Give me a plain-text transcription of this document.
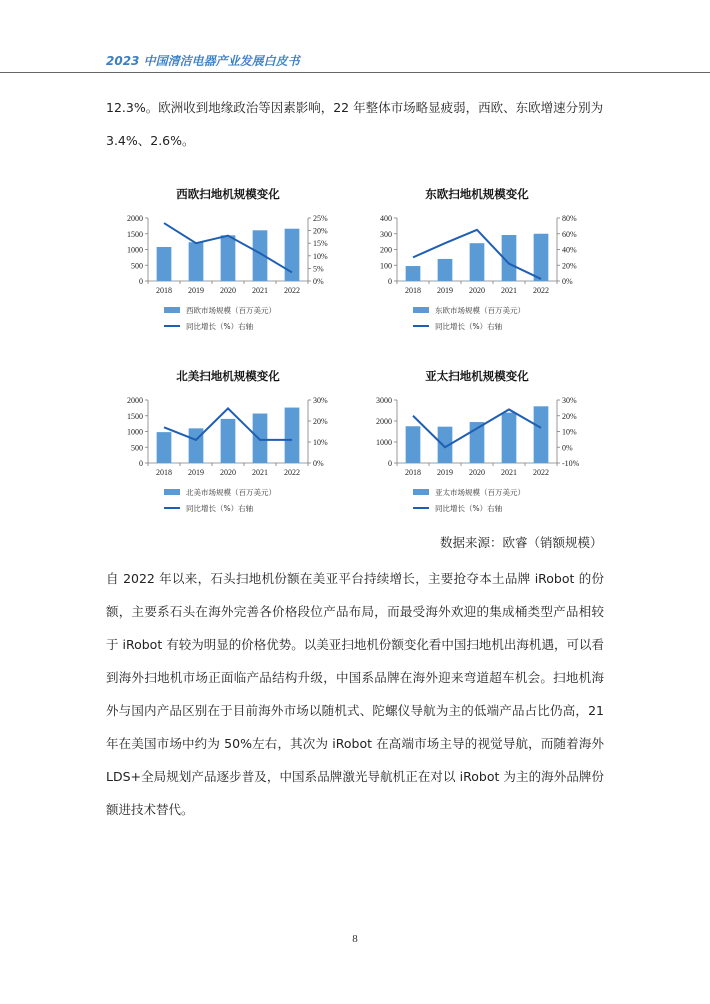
2023 中国清洁电器产业发展白皮书
12.3%。欧洲收到地缘政治等因素影响，22 年整体市场略显疲弱，西欧、东欧增速分别为 3.4%、2.6%。
西欧扫地机规模变化
0
500
1000
1500
2000
0%
5%
10%
15%
20%
25%
2018 2019 2020 2021 2022
西欧市场规模（百万美元）
同比增长（%）右轴
东欧扫地机规模变化
0
100
200
300
400
0%
20%
40%
60%
80%
2018 2019 2020 2021 2022
东欧市场规模（百万美元）
同比增长（%）右轴
北美扫地机规模变化
0
500
1000
1500
2000
0%
10%
20%
30%
2018 2019 2020 2021 2022
北美市场规模（百万美元）
同比增长（%）右轴
亚太扫地机规模变化
0
1000
2000
3000
-10%
0%
10%
20%
30%
2018 2019 2020 2021 2022
亚太市场规模（百万美元）
同比增长（%）右轴
数据来源：欧睿（销额规模）
自 2022 年以来，石头扫地机份额在美亚平台持续增长，主要抢夺本土品牌 iRobot 的份额，主要系石头在海外完善各价格段位产品布局，而最受海外欢迎的集成桶类型产品相较于 iRobot 有较为明显的价格优势。以美亚扫地机份额变化看中国扫地机出海机遇，可以看到海外扫地机市场正面临产品结构升级，中国系品牌在海外迎来弯道超车机会。扫地机海外与国内产品区别在于目前海外市场以随机式、陀螺仪导航为主的低端产品占比仍高，21 年在美国市场中约为 50%左右，其次为 iRobot 在高端市场主导的视觉导航，而随着海外 LDS+全局规划产品逐步普及，中国系品牌激光导航机正在对以 iRobot 为主的海外品牌份额进技术替代。
8
